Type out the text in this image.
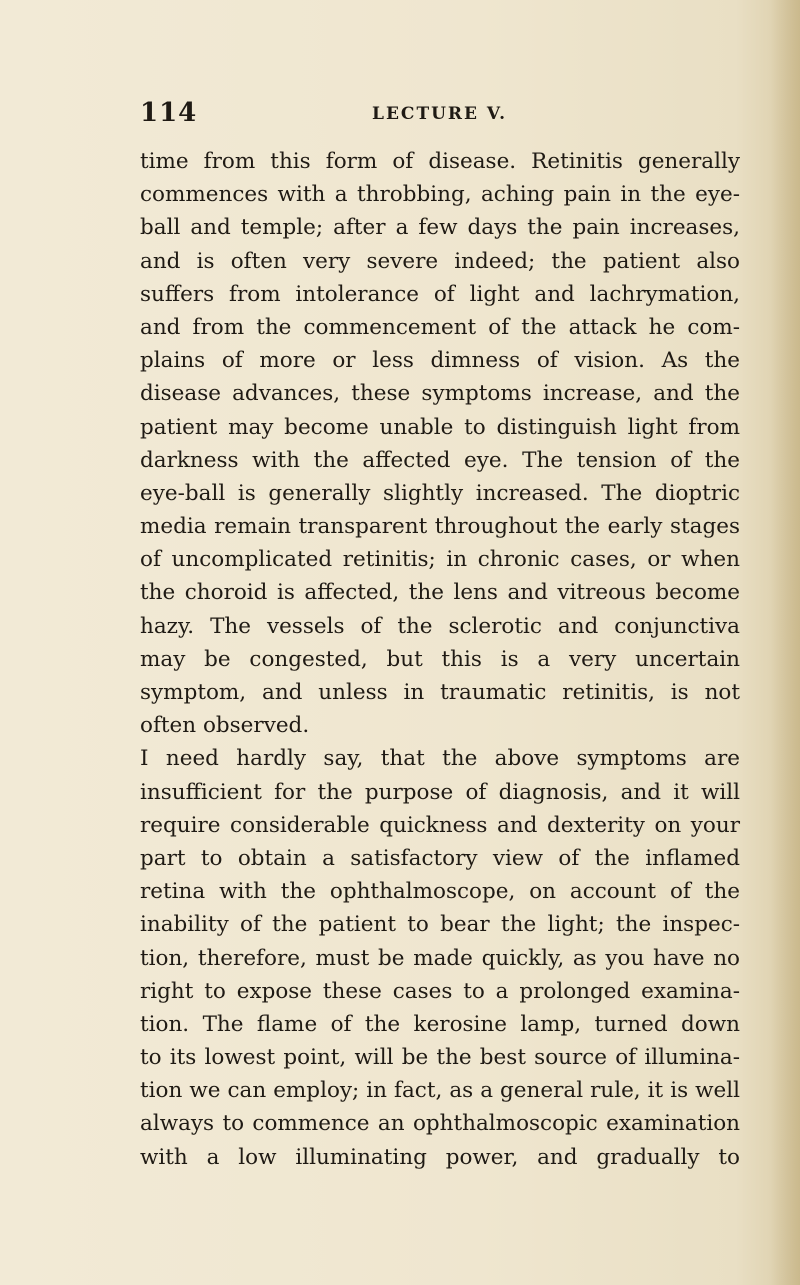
114	LECTURE V.
time from this form of disease. Retinitis generally
commences with a throbbing, aching pain in the eye-
ball and temple; after a few days the pain increases,
and is often very severe indeed; the patient also
suffers from intolerance of light and lachrymation,
and from the commencement of the attack he com-
plains of more or less dimness of vision. As the
disease advances, these symptoms increase, and the
patient may become unable to distinguish light from
darkness with the affected eye. The tension of the
eye-ball is generally slightly increased. The dioptric
media remain transparent throughout the early stages
of uncomplicated retinitis; in chronic cases, or when
the choroid is affected, the lens and vitreous become
hazy. The vessels of the sclerotic and conjunctiva
may be congested, but this is a very uncertain
symptom, and unless in traumatic retinitis, is not
often observed.
I need hardly say, that the above symptoms are
insufficient for the purpose of diagnosis, and it will
require considerable quickness and dexterity on your
part to obtain a satisfactory view of the inflamed
retina with the ophthalmoscope, on account of the
inability of the patient to bear the light; the inspec-
tion, therefore, must be made quickly, as you have no
right to expose these cases to a prolonged examina-
tion. The flame of the kerosine lamp, turned down
to its lowest point, will be the best source of illumina-
tion we can employ; in fact, as a general rule, it is well
always to commence an ophthalmoscopic examination
with a low illuminating power, and gradually to
